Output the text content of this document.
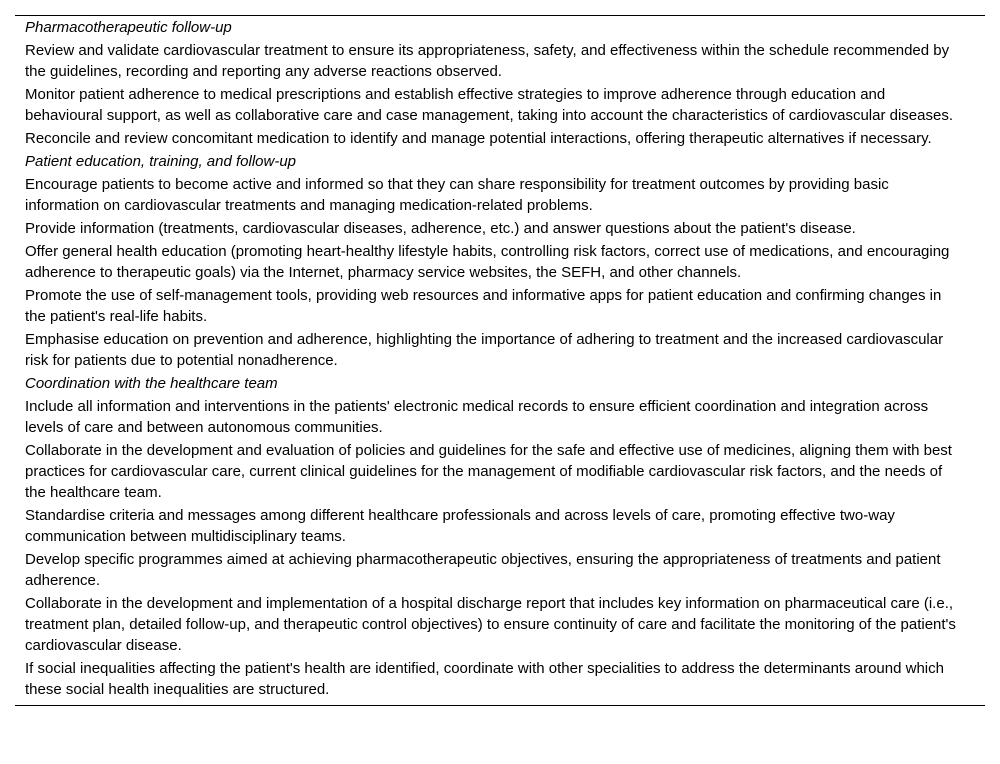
Pharmacotherapeutic follow-up
Review and validate cardiovascular treatment to ensure its appropriateness, safety, and effectiveness within the schedule recommended by the guidelines, recording and reporting any adverse reactions observed.
Monitor patient adherence to medical prescriptions and establish effective strategies to improve adherence through education and behavioural support, as well as collaborative care and case management, taking into account the characteristics of cardiovascular diseases.
Reconcile and review concomitant medication to identify and manage potential interactions, offering therapeutic alternatives if necessary.
Patient education, training, and follow-up
Encourage patients to become active and informed so that they can share responsibility for treatment outcomes by providing basic information on cardiovascular treatments and managing medication-related problems.
Provide information (treatments, cardiovascular diseases, adherence, etc.) and answer questions about the patient's disease.
Offer general health education (promoting heart-healthy lifestyle habits, controlling risk factors, correct use of medications, and encouraging adherence to therapeutic goals) via the Internet, pharmacy service websites, the SEFH, and other channels.
Promote the use of self-management tools, providing web resources and informative apps for patient education and confirming changes in the patient's real-life habits.
Emphasise education on prevention and adherence, highlighting the importance of adhering to treatment and the increased cardiovascular risk for patients due to potential nonadherence.
Coordination with the healthcare team
Include all information and interventions in the patients' electronic medical records to ensure efficient coordination and integration across levels of care and between autonomous communities.
Collaborate in the development and evaluation of policies and guidelines for the safe and effective use of medicines, aligning them with best practices for cardiovascular care, current clinical guidelines for the management of modifiable cardiovascular risk factors, and the needs of the healthcare team.
Standardise criteria and messages among different healthcare professionals and across levels of care, promoting effective two-way communication between multidisciplinary teams.
Develop specific programmes aimed at achieving pharmacotherapeutic objectives, ensuring the appropriateness of treatments and patient adherence.
Collaborate in the development and implementation of a hospital discharge report that includes key information on pharmaceutical care (i.e., treatment plan, detailed follow-up, and therapeutic control objectives) to ensure continuity of care and facilitate the monitoring of the patient's cardiovascular disease.
If social inequalities affecting the patient's health are identified, coordinate with other specialities to address the determinants around which these social health inequalities are structured.
